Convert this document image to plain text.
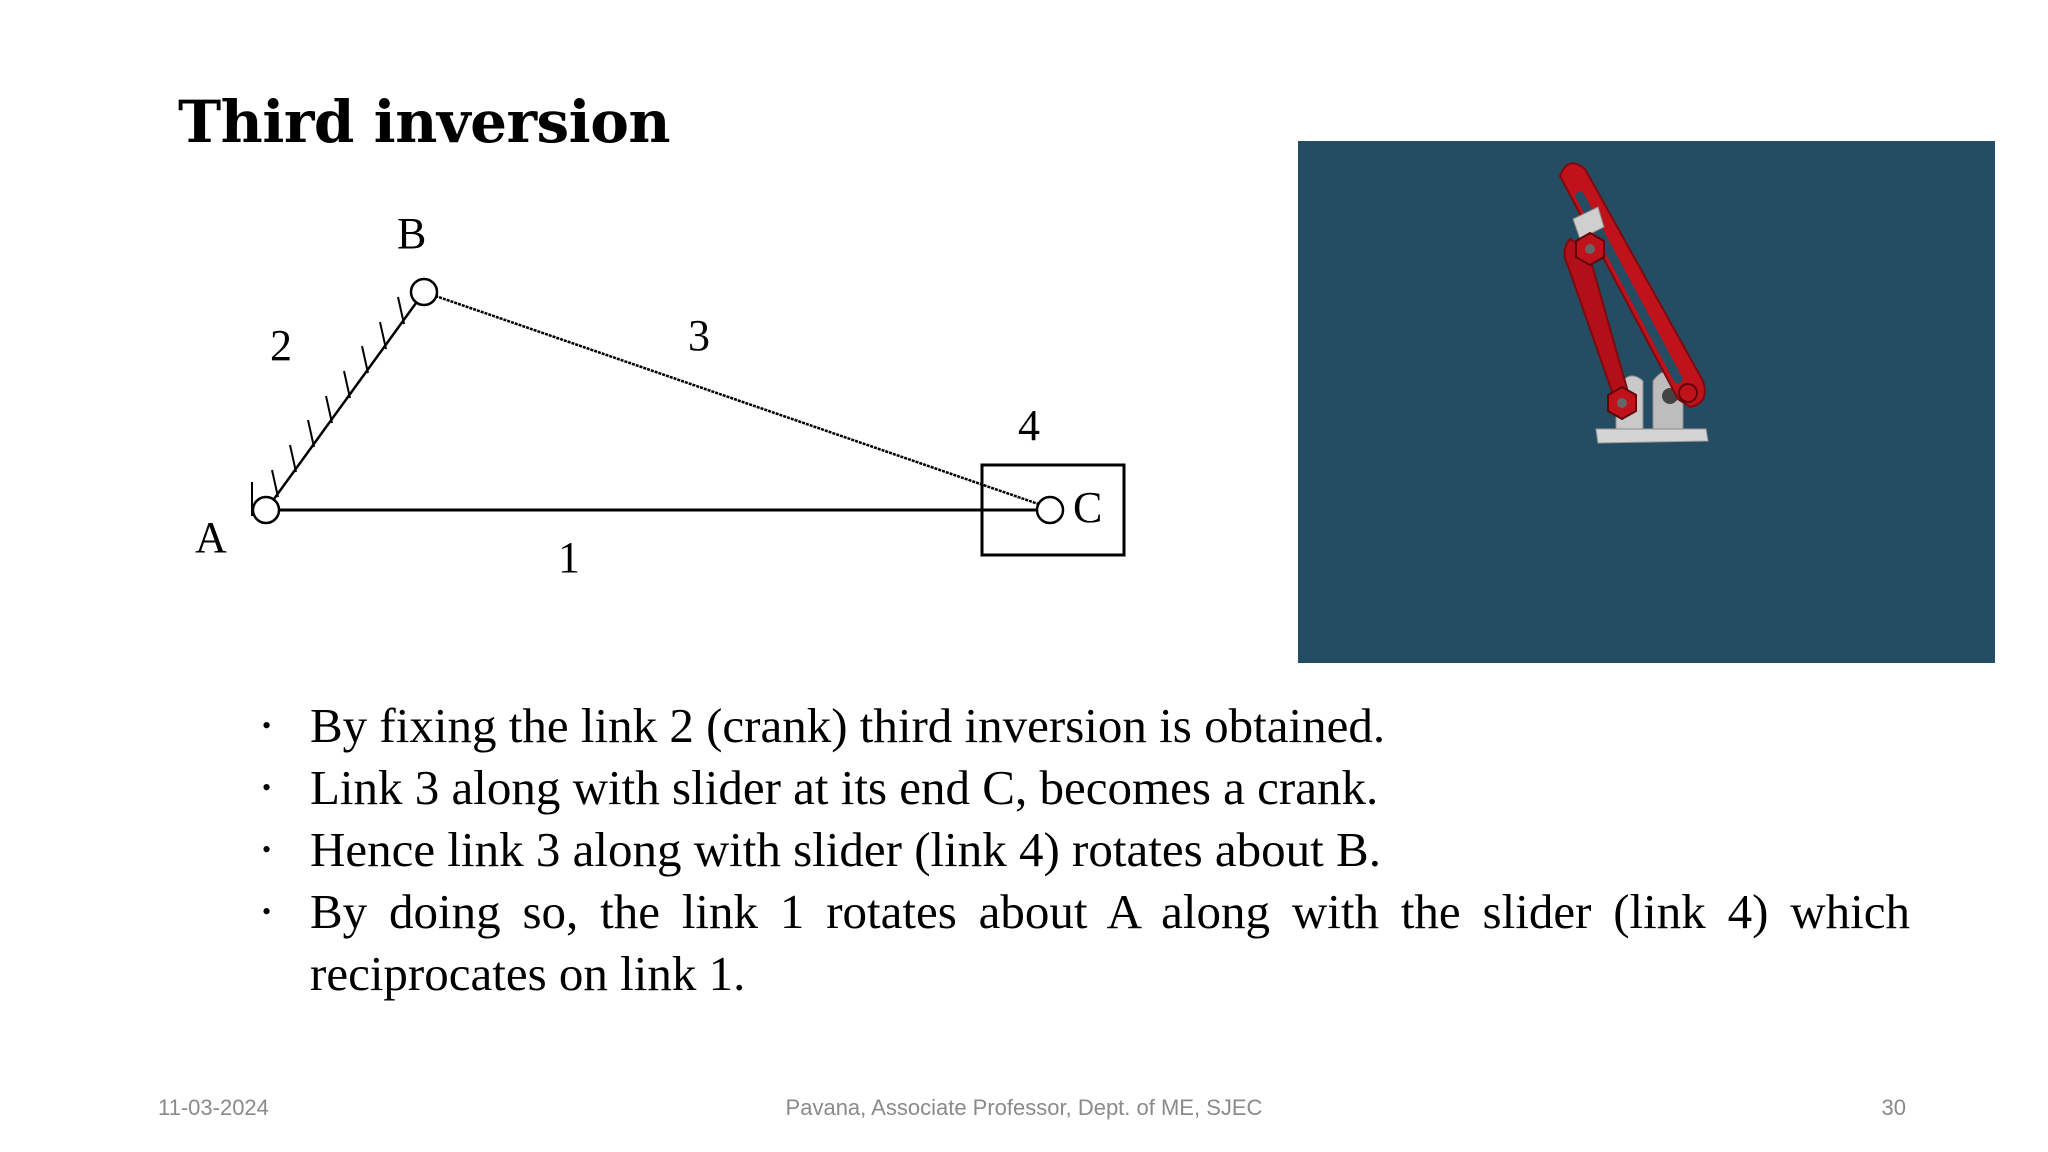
Third inversion
B
A
C
2	3
4
1
• By fixing the link 2 (crank) third inversion is obtained.
• Link 3 along with slider at its end C, becomes a crank.
• Hence link 3 along with slider (link 4) rotates about B.
• By doing so, the link 1 rotates about A along with the slider (link 4) which reciprocates on link 1.
11-03-2024	Pavana, Associate Professor, Dept. of ME, SJEC	30
